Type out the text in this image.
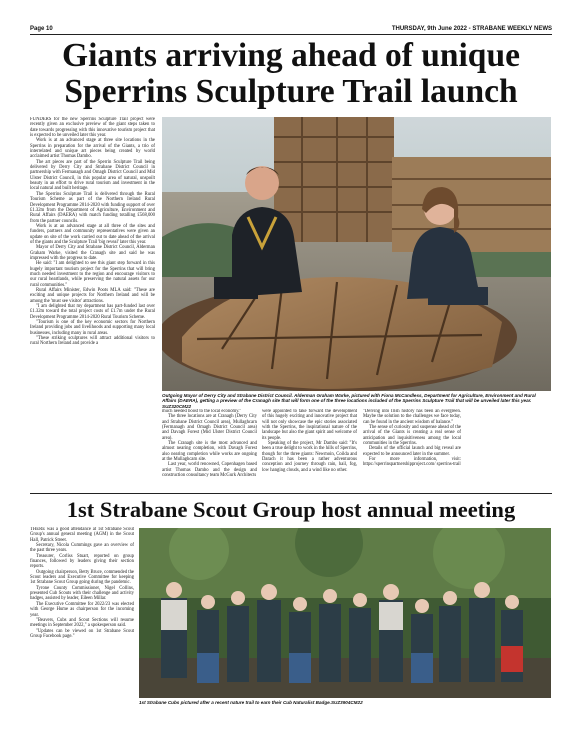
Page 10	THURSDAY, 9th June 2022 - STRABANE WEEKLY NEWS
Giants arriving ahead of unique
Sperrins Sculpture Trail launch

FUNDERS for the new Sperrins Sculpture Trail project were recently given an exclusive preview of the giant steps taken to date towards progressing with this innovative tourism project that is expected to be unveiled later this year.

Work is at an advanced stage at three site locations in the Sperrins in preparation for the arrival of the Giants, a trio of interrelated and unique art pieces being created by world acclaimed artist Thomas Dambo.

The art pieces are part of the Sperrin Sculpture Trail being delivered by Derry City and Strabane District Council in partnership with Fermanagh and Omagh District Council and Mid Ulster District Council, in this popular area of natural, unspoilt beauty in an effort to drive rural tourism and investment in the local natural and built heritage.

The Sperrins Sculpture Trail is delivered through the Rural Tourism Scheme as part of the Northern Ireland Rural Development Programme 2014-2020 with funding support of over £1.32m from the Department of Agriculture, Environment and Rural Affairs (DAERA) with match funding totalling £568,000 from the partner councils.

Work is at an advanced stage at all three of the sites and funders, partners and community representatives were given an update on site of the work carried out to date ahead of the arrival of the giants and the Sculpture Trail 'big reveal' later this year.

Mayor of Derry City and Strabane District Council, Alderman Graham Warke, visited the Cranagh site and said he was impressed with the progress to date.

He said: "I am delighted to see this giant step forward in this hugely important tourism project for the Sperrins that will bring much needed investment to the region and encourage visitors to our rural heartlands, while preserving the natural assets for our rural communities."

Rural Affairs Minister, Edwin Poots MLA said: "These are exciting and unique projects for Northern Ireland and will be among the 'must see visitor' attractions.

"I am delighted that my department has part-funded last over £1.32m toward the total project costs of £1.7m under the Rural Development Programme 2014-2020 Rural Tourism Scheme.

"Tourism is one of the key economic sectors for Northern Ireland providing jobs and livelihoods and supporting many local businesses, including many in rural areas.

"These striking sculptures will attract additional visitors to rural Northern Ireland and provide a

Outgoing Mayor of Derry City and Strabane District Council. Alderman Graham Warke, pictured with Fiona McCandless, Department for Agriculture, Environment and Rural Affairs (DAERA), getting a preview of the Cranagh site that will form one of the three locations included of the Sperrins Sculpture Trail that will be unveiled later this year. SUZ320CM22

much needed boost to the local economy."

The three locations are at Cranagh (Derry City and Strabane District Council area), Mullaghcarn (Fermanagh and Omagh District Council area) and Davagh Forest (Mid Ulster District Council area).

The Cranagh site is the most advanced and almost nearing completion, with Davagh Forest also nearing completion while works are ongoing at the Mullaghcarn site.

Last year, world renowned, Copenhagen based artist Thomas Dambo and the design and construction consultancy team McGurk Architects

were appointed to take forward the development of this hugely exciting and innovative project that will not only showcase the epic stories associated with the Sperrins, the inspirational nature of the landscape but also the giant spirit and welcome of its people.

Speaking of the project, Mr Dambo said: "It's been a true delight to work in the hills of Sperrins, though for the three giants: Newmoin, Coilda and Darach it has been a rather adventurous conception and journey through rain, hail, fog, low hanging clouds, and a wind like no other.

"Delving into Irish history has been an evergreen. Maybe the solution to the challenges we face today, can be found in the ancient wisdom of balance."

The sense of curiosity and suspense ahead of the arrival of the Giants is creating a real sense of anticipation and inquisitiveness among the local communities in the Sperrins.

Details of the official launch and big reveal are expected to be announced later in the summer.

For more information, visit: https://sperrinspartnershipproject.com/ sperrins-trail

1st Strabane Scout Group host annual meeting

THERE was a good attendance at 1st Strabane Scout Group's annual general meeting (AGM) in the Scout Hall, Patrick Street.

Secretary, Nicola Cummings gave an overview of the past three years.

Treasurer, Corliss Stuart, reported on group finances, followed by leaders giving their section reports.

Outgoing chairperson, Betty Bruce, commended the Scout leaders and Executive Committee for keeping 1st Strabane Scout Group going during the pandemic.

Tyrone County Commissioner, Nigel Collins, presented Cub Scouts with their challenge and activity badges, assisted by leader, Eileen Millar.

The Executive Committee for 2022/23 was elected with George Hume as chairperson for the incoming year.

"Beavers, Cubs and Scout Sections will resume meetings in September 2022," a spokesperson said.

"Updates can be viewed on 1st Strabane Scout Group Facebook page."

1st Strabane Cubs pictured after a recent nature trail to earn their Cub Naturalist Badge.SUZ3904CM22
